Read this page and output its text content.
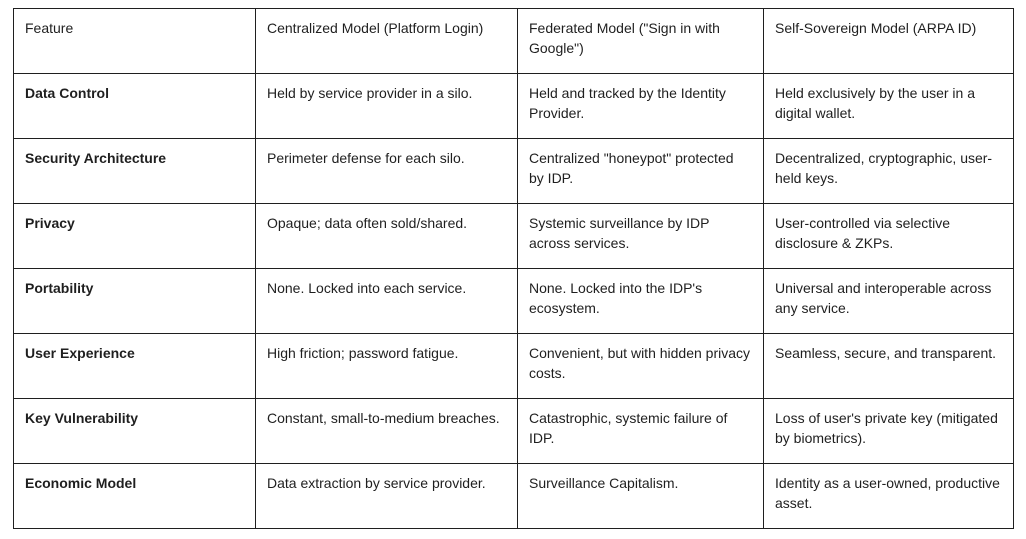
Feature	Centralized Model (Platform Login)	Federated Model ("Sign in with Google")	Self-Sovereign Model (ARPA ID)
Data Control	Held by service provider in a silo.	Held and tracked by the Identity Provider.	Held exclusively by the user in a digital wallet.
Security Architecture	Perimeter defense for each silo.	Centralized "honeypot" protected by IDP.	Decentralized, cryptographic, user-held keys.
Privacy	Opaque; data often sold/shared.	Systemic surveillance by IDP across services.	User-controlled via selective disclosure & ZKPs.
Portability	None. Locked into each service.	None. Locked into the IDP's ecosystem.	Universal and interoperable across any service.
User Experience	High friction; password fatigue.	Convenient, but with hidden privacy costs.	Seamless, secure, and transparent.
Key Vulnerability	Constant, small-to-medium breaches.	Catastrophic, systemic failure of IDP.	Loss of user's private key (mitigated by biometrics).
Economic Model	Data extraction by service provider.	Surveillance Capitalism.	Identity as a user-owned, productive asset.
